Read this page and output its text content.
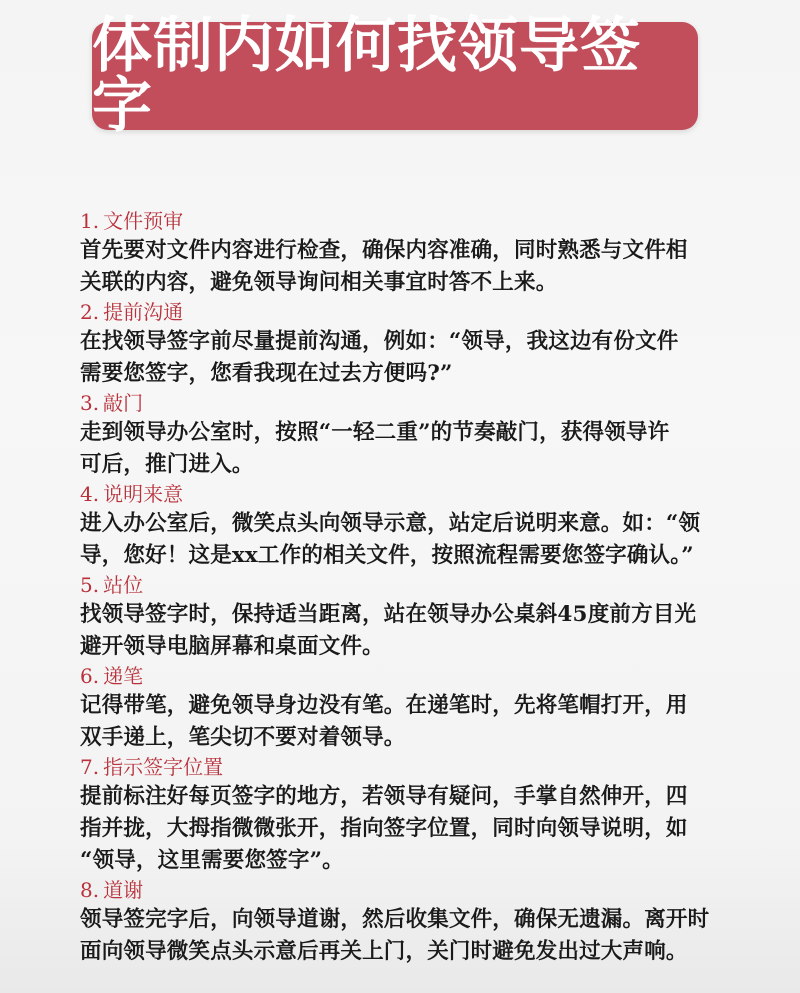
体制内如何找领导签字
1. 文件预审

首先要对文件内容进行检查，确保内容准确，同时熟悉与文件相

关联的内容，避免领导询问相关事宜时答不上来。

2. 提前沟通

在找领导签字前尽量提前沟通，例如：“领导，我这边有份文件

需要您签字，您看我现在过去方便吗?”

3. 敲门

走到领导办公室时，按照“一轻二重”的节奏敲门，获得领导许

可后，推门进入。

4. 说明来意

进入办公室后，微笑点头向领导示意，站定后说明来意。如：“领

导，您好！这是xx工作的相关文件，按照流程需要您签字确认。”

5. 站位

找领导签字时，保持适当距离，站在领导办公桌斜45度前方目光

避开领导电脑屏幕和桌面文件。

6. 递笔

记得带笔，避免领导身边没有笔。在递笔时，先将笔帽打开，用

双手递上，笔尖切不要对着领导。

7. 指示签字位置

提前标注好每页签字的地方，若领导有疑问，手掌自然伸开，四

指并拢，大拇指微微张开，指向签字位置，同时向领导说明，如

“领导，这里需要您签字”。

8. 道谢

领导签完字后，向领导道谢，然后收集文件，确保无遗漏。离开时

面向领导微笑点头示意后再关上门，关门时避免发出过大声响。
